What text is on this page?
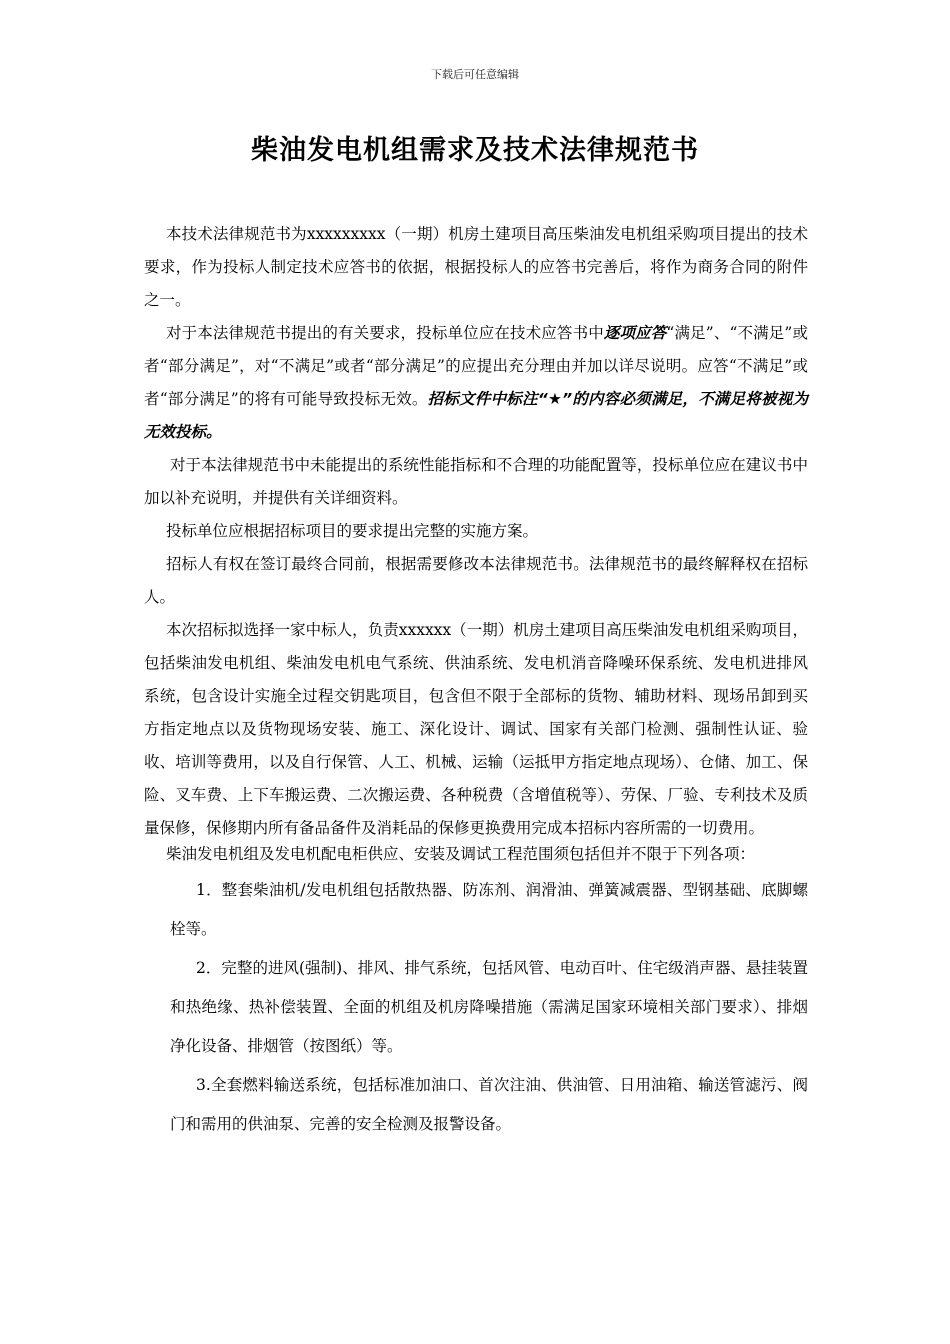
下载后可任意编辑
柴油发电机组需求及技术法律规范书

本技术法律规范书为xxxxxxxxx（一期）机房土建项目高压柴油发电机组采购项目提出的技术要求，作为投标人制定技术应答书的依据，根据投标人的应答书完善后，将作为商务合同的附件之一。

对于本法律规范书提出的有关要求，投标单位应在技术应答书中逐项应答“满足”、“不满足”或者“部分满足”，对“不满足”或者“部分满足”的应提出充分理由并加以详尽说明。应答“不满足”或者“部分满足”的将有可能导致投标无效。招标文件中标注“★”的内容必须满足，不满足将被视为无效投标。

对于本法律规范书中未能提出的系统性能指标和不合理的功能配置等，投标单位应在建议书中加以补充说明，并提供有关详细资料。

投标单位应根据招标项目的要求提出完整的实施方案。

招标人有权在签订最终合同前，根据需要修改本法律规范书。法律规范书的最终解释权在招标人。

本次招标拟选择一家中标人，负责xxxxxx（一期）机房土建项目高压柴油发电机组采购项目，包括柴油发电机组、柴油发电机电气系统、供油系统、发电机消音降噪环保系统、发电机进排风系统，包含设计实施全过程交钥匙项目，包含但不限于全部标的货物、辅助材料、现场吊卸到买方指定地点以及货物现场安装、施工、深化设计、调试、国家有关部门检测、强制性认证、验收、培训等费用，以及自行保管、人工、机械、运输（运抵甲方指定地点现场）、仓储、加工、保险、叉车费、上下车搬运费、二次搬运费、各种税费（含增值税等）、劳保、厂验、专利技术及质量保修，保修期内所有备品备件及消耗品的保修更换费用完成本招标内容所需的一切费用。

柴油发电机组及发电机配电柜供应、安装及调试工程范围须包括但并不限于下列各项：

1．整套柴油机/发电机组包括散热器、防冻剂、润滑油、弹簧减震器、型钢基础、底脚螺栓等。

2．完整的进风(强制)、排风、排气系统，包括风管、电动百叶、住宅级消声器、悬挂装置和热绝缘、热补偿装置、全面的机组及机房降噪措施（需满足国家环境相关部门要求）、排烟净化设备、排烟管（按图纸）等。

3.全套燃料输送系统，包括标准加油口、首次注油、供油管、日用油箱、输送管滤污、阀门和需用的供油泵、完善的安全检测及报警设备。
